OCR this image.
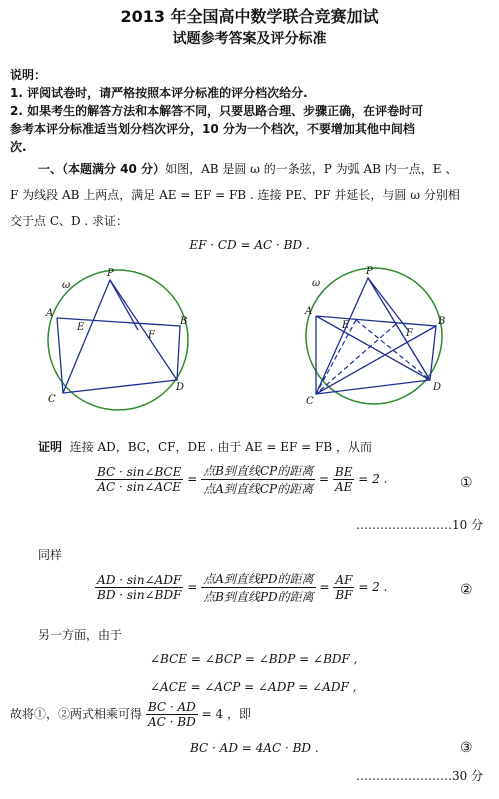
2013 年全国高中数学联合竞赛加试
试题参考答案及评分标准
说明：
1. 评阅试卷时，请严格按照本评分标准的评分档次给分.
2. 如果考生的解答方法和本解答不同，只要思路合理、步骤正确，在评卷时可
参考本评分标准适当划分档次评分，10 分为一个档次，不要增加其他中间档
次.
一、（本题满分 40 分）如图，AB 是圆 ω 的一条弦，P 为弧 AB 内一点，E 、
F 为线段 AB 上两点，满足 AE = EF = FB . 连接 PE、PF 并延长，与圆 ω 分别相
交于点 C、D . 求证：
EF · CD = AC · BD .
ω
P
A
B
C
D
E
F
ω
P
A
B
C
D
E
F
证明 连接 AD，BC，CF，DE . 由于 AE = EF = FB ，从而
$\frac{\text{BC · sin∠BCE}}{\text{AC · sin∠ACE}} = \frac{\text{点B到直线CP的距离}}{\text{点A到直线CP的距离}} = \frac{BE}{AE} = 2$ .	①
……………………10 分
同样
$\frac{\text{AD · sin∠ADF}}{\text{BD · sin∠BDF}} = \frac{\text{点A到直线PD的距离}}{\text{点B到直线PD的距离}} = \frac{AF}{BF} = 2$ .	②
另一方面，由于
∠BCE = ∠BCP = ∠BDP = ∠BDF ,
∠ACE = ∠ACP = ∠ADP = ∠ADF ,
故将①，②两式相乘可得 $\frac{BC \cdot AD}{AC \cdot BD} = 4$ ，即
BC · AD = 4AC · BD .	③
……………………30 分
